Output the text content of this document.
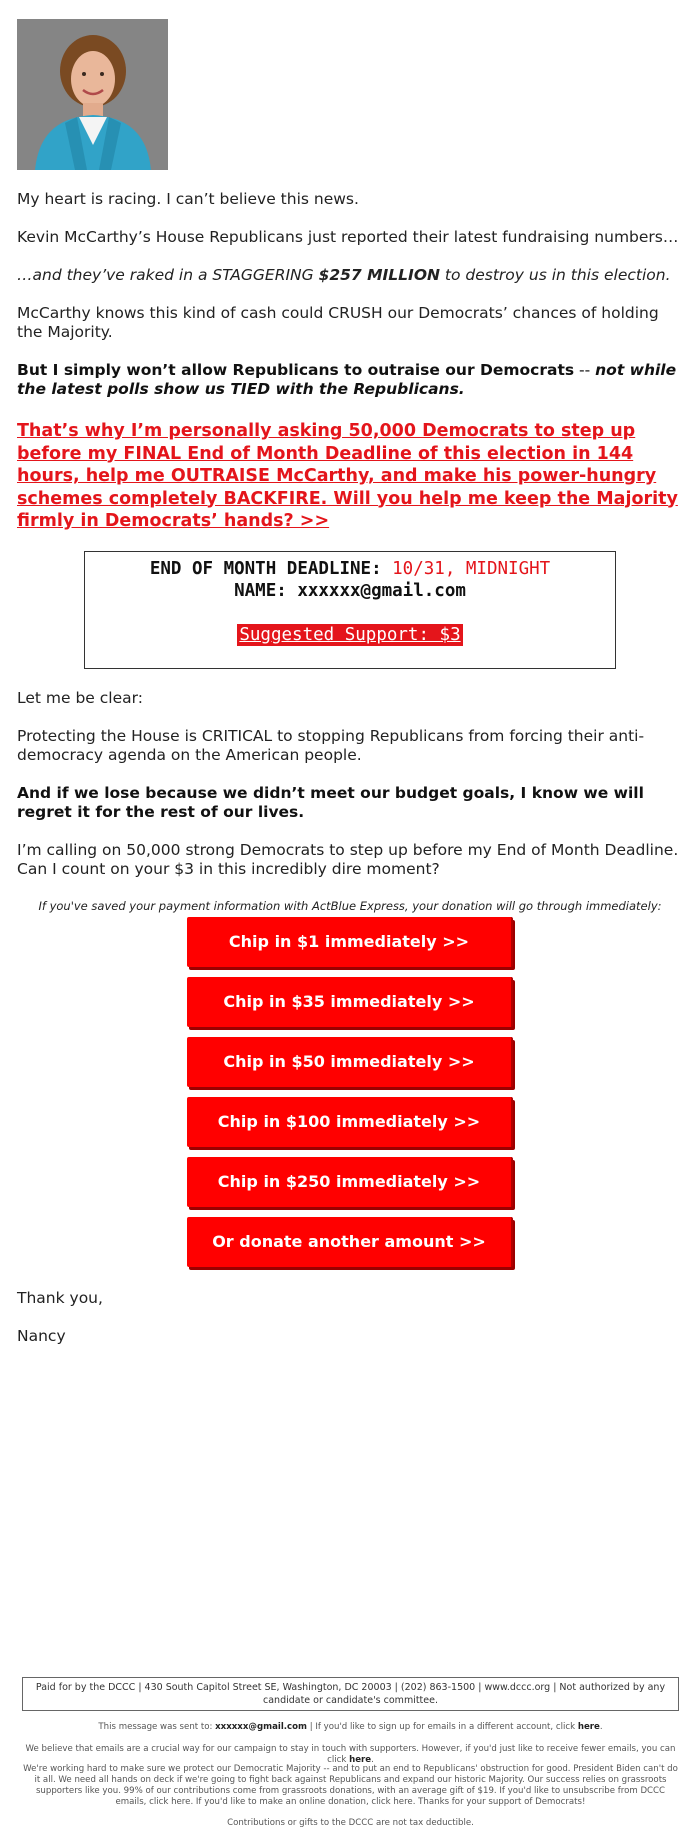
My heart is racing. I can’t believe this news.

Kevin McCarthy’s House Republicans just reported their latest fundraising numbers…

…and they’ve raked in a STAGGERING $257 MILLION to destroy us in this election.

McCarthy knows this kind of cash could CRUSH our Democrats’ chances of holding the Majority.

But I simply won’t allow Republicans to outraise our Democrats -- not while the latest polls show us TIED with the Republicans.

That’s why I’m personally asking 50,000 Democrats to step up before my FINAL End of Month Deadline of this election in 144 hours, help me OUTRAISE McCarthy, and make his power-hungry schemes completely BACKFIRE. Will you help me keep the Majority firmly in Democrats’ hands? >>

END OF MONTH DEADLINE: 10/31, MIDNIGHT
NAME: xxxxxx@gmail.com
Suggested Support: $3

Let me be clear:

Protecting the House is CRITICAL to stopping Republicans from forcing their anti-democracy agenda on the American people.

And if we lose because we didn’t meet our budget goals, I know we will regret it for the rest of our lives.

I’m calling on 50,000 strong Democrats to step up before my End of Month Deadline. Can I count on your $3 in this incredibly dire moment?

If you've saved your payment information with ActBlue Express, your donation will go through immediately:
Chip in $1 immediately >>
Chip in $35 immediately >>
Chip in $50 immediately >>
Chip in $100 immediately >>
Chip in $250 immediately >>
Or donate another amount >>

Thank you,

Nancy

Paid for by the DCCC | 430 South Capitol Street SE, Washington, DC 20003 | (202) 863-1500 | www.dccc.org | Not authorized by any candidate or candidate's committee.
This message was sent to: xxxxxx@gmail.com | If you'd like to sign up for emails in a different account, click here.
We believe that emails are a crucial way for our campaign to stay in touch with supporters. However, if you'd just like to receive fewer emails, you can click here.
We're working hard to make sure we protect our Democratic Majority -- and to put an end to Republicans' obstruction for good. President Biden can't do it all. We need all hands on deck if we're going to fight back against Republicans and expand our historic Majority. Our success relies on grassroots supporters like you. 99% of our contributions come from grassroots donations, with an average gift of $19. If you'd like to unsubscribe from DCCC emails, click here. If you'd like to make an online donation, click here. Thanks for your support of Democrats!
Contributions or gifts to the DCCC are not tax deductible.
